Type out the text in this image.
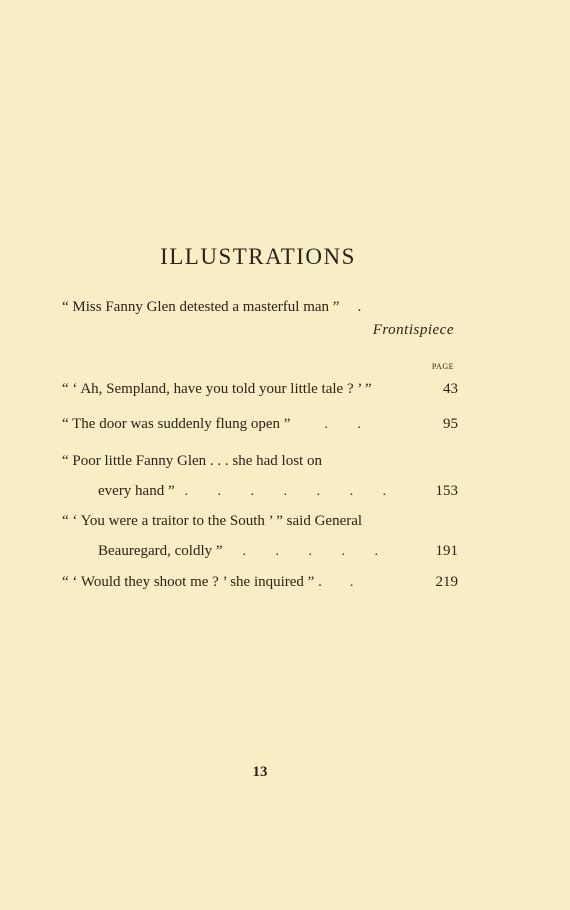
ILLUSTRATIONS
“ Miss Fanny Glen detested a masterful man ” .
Frontispiece
PAGE
“ ‘ Ah, Sempland, have you told your little tale ? ’ ”	43
“ The door was suddenly flung open ”	. .	95
“ Poor little Fanny Glen . . . she had lost on
every hand ” . . . . . . .	153
“ ‘ You were a traitor to the South ’ ” said General
Beauregard, coldly ”	. . . . .	191
“ ‘ Would they shoot me ? ’ she inquired ” .	.	219
13
